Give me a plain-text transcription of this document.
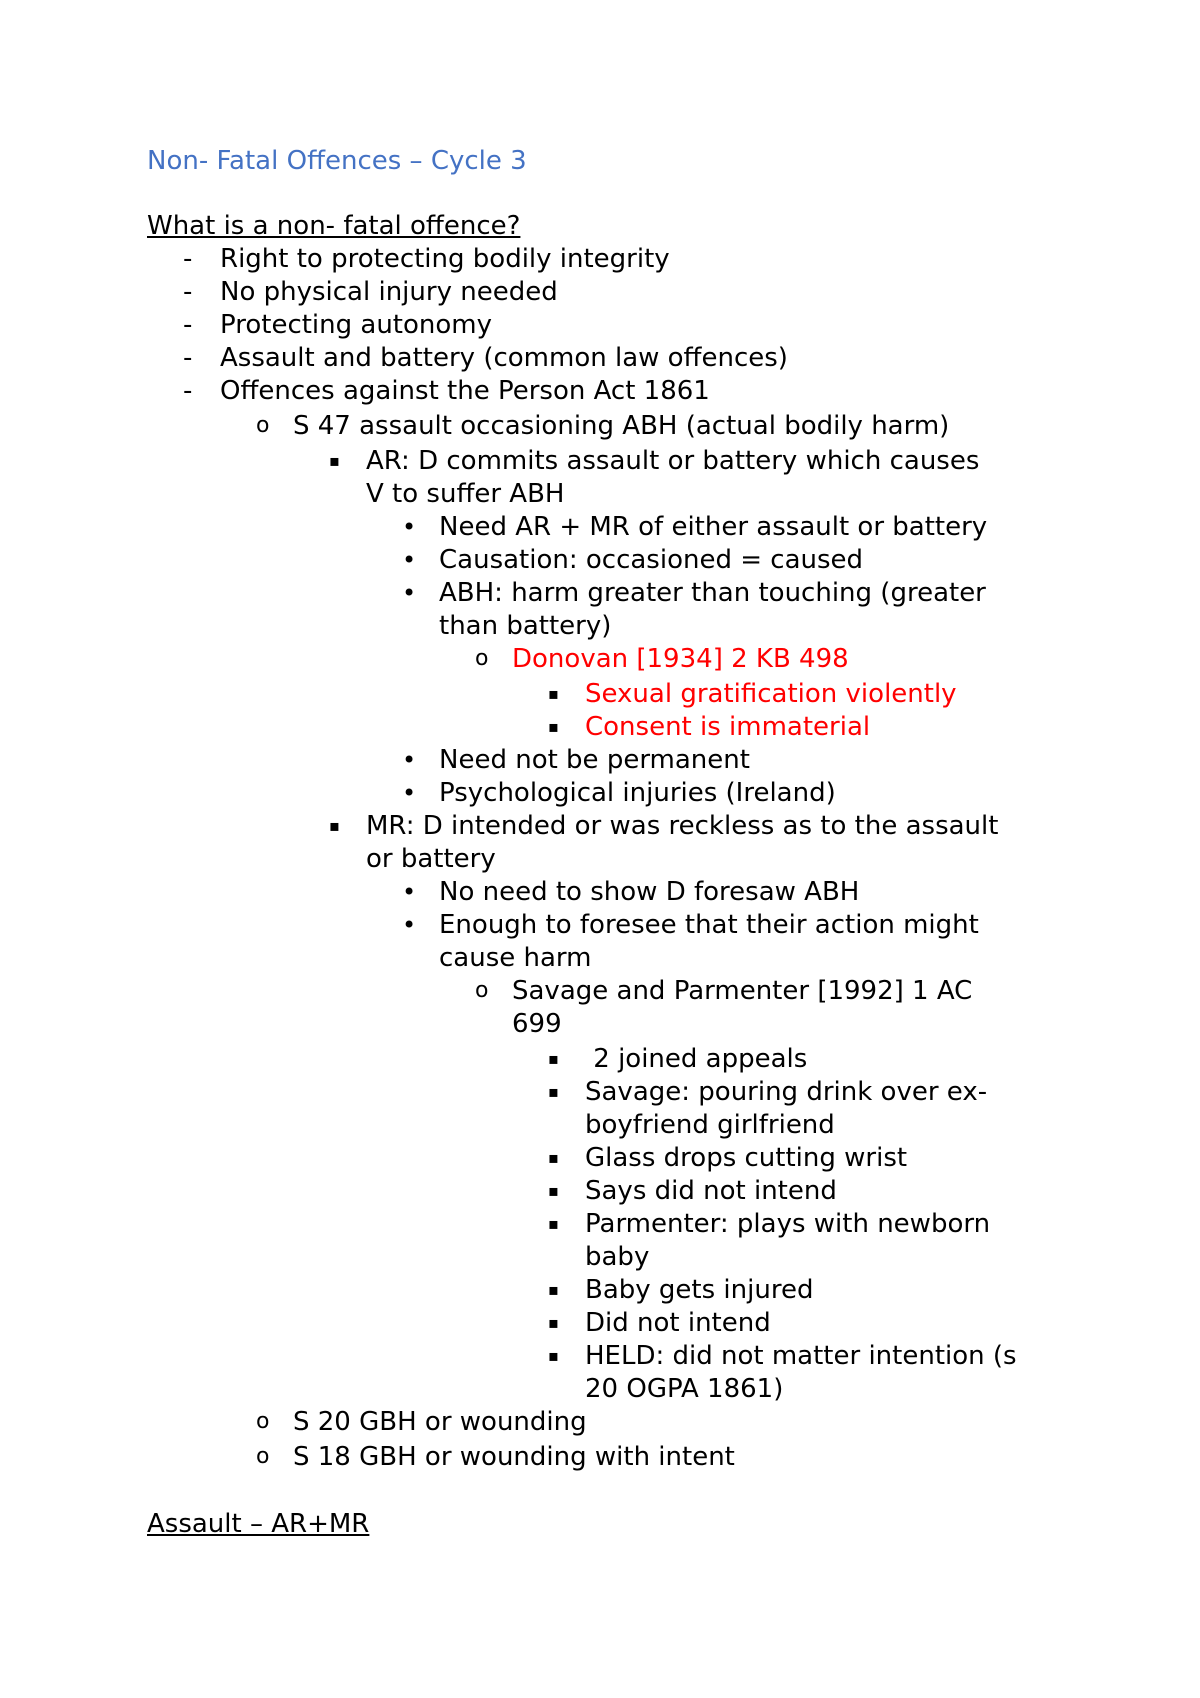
Non- Fatal Offences – Cycle 3
What is a non- fatal offence?
- Right to protecting bodily integrity
- No physical injury needed
- Protecting autonomy
- Assault and battery (common law offences)
- Offences against the Person Act 1861
o S 47 assault occasioning ABH (actual bodily harm)
▪ AR: D commits assault or battery which causes
V to suffer ABH
• Need AR + MR of either assault or battery
• Causation: occasioned = caused
• ABH: harm greater than touching (greater
than battery)
o Donovan [1934] 2 KB 498
▪ Sexual gratification violently
▪ Consent is immaterial
• Need not be permanent
• Psychological injuries (Ireland)
▪ MR: D intended or was reckless as to the assault
or battery
• No need to show D foresaw ABH
• Enough to foresee that their action might
cause harm
o Savage and Parmenter [1992] 1 AC
699
▪ 2 joined appeals
▪ Savage: pouring drink over ex-
boyfriend girlfriend
▪ Glass drops cutting wrist
▪ Says did not intend
▪ Parmenter: plays with newborn
baby
▪ Baby gets injured
▪ Did not intend
▪ HELD: did not matter intention (s
20 OGPA 1861)
o S 20 GBH or wounding
o S 18 GBH or wounding with intent
Assault – AR+MR
